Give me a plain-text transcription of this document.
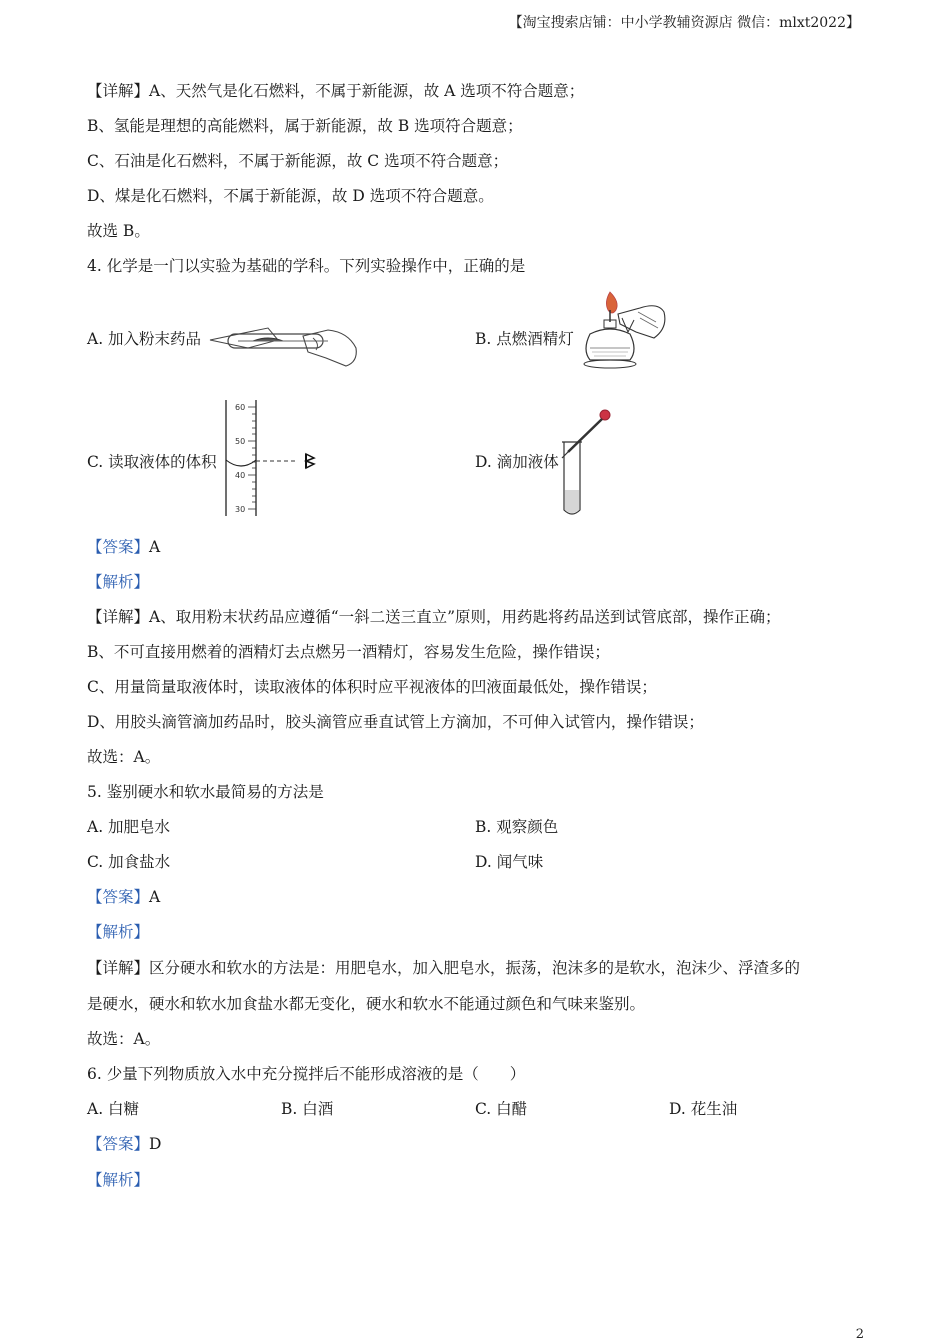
【淘宝搜索店铺：中小学教辅资源店 微信：mlxt2022】
【详解】A、天然气是化石燃料，不属于新能源，故 A 选项不符合题意；
B、氢能是理想的高能燃料，属于新能源，故 B 选项符合题意；
C、石油是化石燃料，不属于新能源，故 C 选项不符合题意；
D、煤是化石燃料，不属于新能源，故 D 选项不符合题意。
故选 B。
4. 化学是一门以实验为基础的学科。下列实验操作中，正确的是
A. 加入粉末药品	B. 点燃酒精灯
C. 读取液体的体积
60
50
40
30
D. 滴加液体
【答案】A
【解析】
【详解】A、取用粉末状药品应遵循“一斜二送三直立”原则，用药匙将药品送到试管底部，操作正确；
B、不可直接用燃着的酒精灯去点燃另一酒精灯，容易发生危险，操作错误；
C、用量筒量取液体时，读取液体的体积时应平视液体的凹液面最低处，操作错误；
D、用胶头滴管滴加药品时，胶头滴管应垂直试管上方滴加，不可伸入试管内，操作错误；
故选：A。
5. 鉴别硬水和软水最简易的方法是
A. 加肥皂水	B. 观察颜色
C. 加食盐水	D. 闻气味
【答案】A
【解析】
【详解】区分硬水和软水的方法是：用肥皂水，加入肥皂水，振荡，泡沫多的是软水，泡沫少、浮渣多的
是硬水，硬水和软水加食盐水都无变化，硬水和软水不能通过颜色和气味来鉴别。
故选：A。
6. 少量下列物质放入水中充分搅拌后不能形成溶液的是（　　）
A. 白糖	B. 白酒	C. 白醋	D. 花生油
【答案】D
【解析】
2
